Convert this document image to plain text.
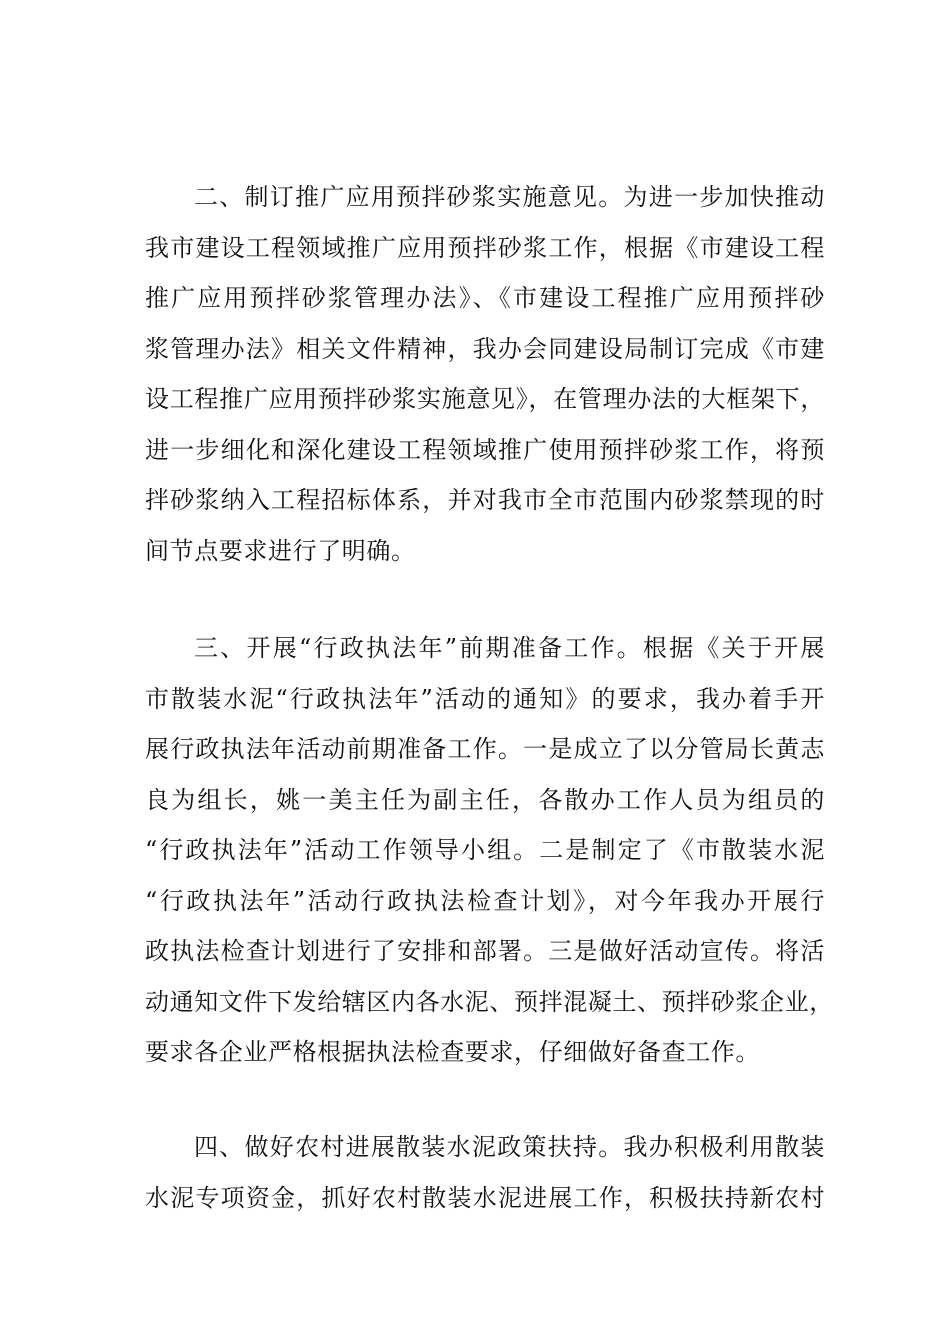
二、制订推广应用预拌砂浆实施意见。为进一步加快推动
我市建设工程领域推广应用预拌砂浆工作，根据《市建设工程
推广应用预拌砂浆管理办法》、《市建设工程推广应用预拌砂
浆管理办法》相关文件精神，我办会同建设局制订完成《市建
设工程推广应用预拌砂浆实施意见》，在管理办法的大框架下，
进一步细化和深化建设工程领域推广使用预拌砂浆工作，将预
拌砂浆纳入工程招标体系，并对我市全市范围内砂浆禁现的时
间节点要求进行了明确。
三、开展“行政执法年”前期准备工作。根据《关于开展
市散装水泥“行政执法年”活动的通知》的要求，我办着手开
展行政执法年活动前期准备工作。一是成立了以分管局长黄志
良为组长，姚一美主任为副主任，各散办工作人员为组员的
“行政执法年”活动工作领导小组。二是制定了《市散装水泥
“行政执法年”活动行政执法检查计划》，对今年我办开展行
政执法检查计划进行了安排和部署。三是做好活动宣传。将活
动通知文件下发给辖区内各水泥、预拌混凝土、预拌砂浆企业，
要求各企业严格根据执法检查要求，仔细做好备查工作。
四、做好农村进展散装水泥政策扶持。我办积极利用散装
水泥专项资金，抓好农村散装水泥进展工作，积极扶持新农村
